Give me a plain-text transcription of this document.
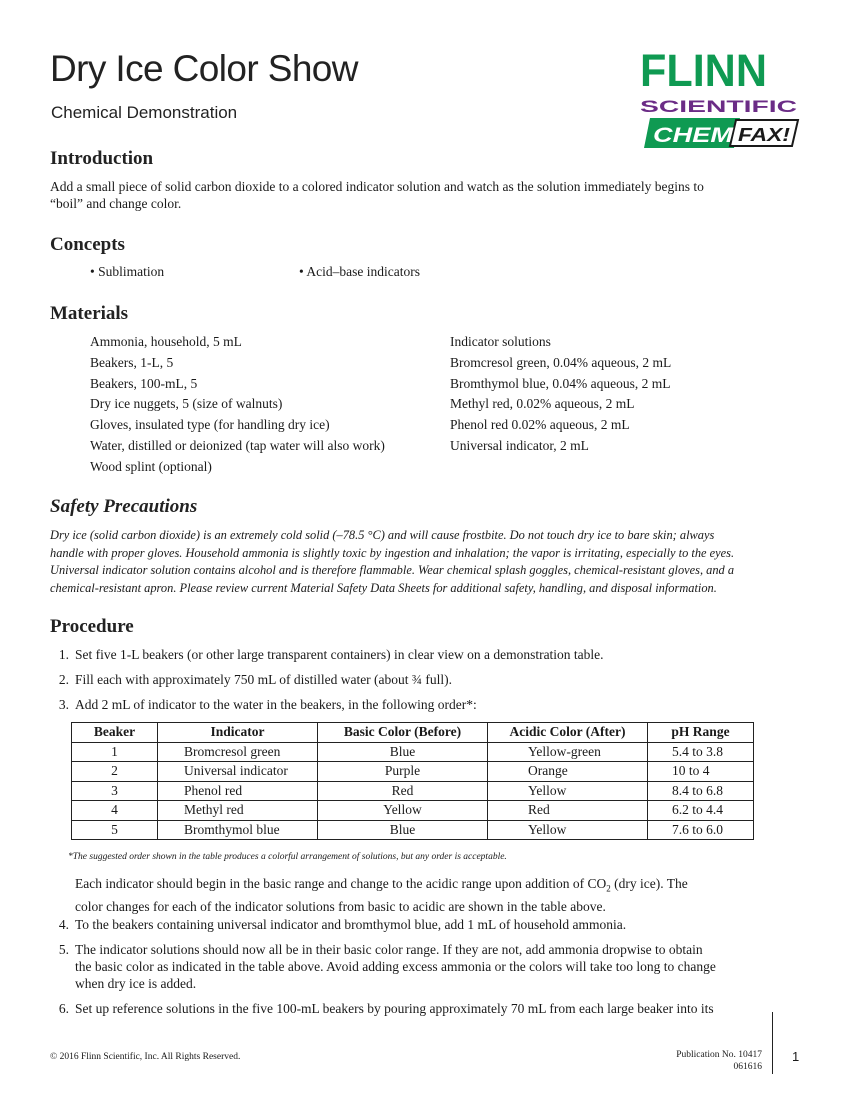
Dry Ice Color Show
Chemical Demonstration
FLINN
SCIENTIFIC
CHEM FAX!
Introduction
Add a small piece of solid carbon dioxide to a colored indicator solution and watch as the solution immediately begins to
“boil” and change color.
Concepts
• Sublimation	• Acid–base indicators
Materials
Ammonia, household, 5 mL
Beakers, 1-L, 5
Beakers, 100-mL, 5
Dry ice nuggets, 5 (size of walnuts)
Gloves, insulated type (for handling dry ice)
Water, distilled or deionized (tap water will also work)
Wood splint (optional)
Indicator solutions
Bromcresol green, 0.04% aqueous, 2 mL
Bromthymol blue, 0.04% aqueous, 2 mL
Methyl red, 0.02% aqueous, 2 mL
Phenol red 0.02% aqueous, 2 mL
Universal indicator, 2 mL
Safety Precautions
Dry ice (solid carbon dioxide) is an extremely cold solid (–78.5 °C) and will cause frostbite. Do not touch dry ice to bare skin; always
handle with proper gloves. Household ammonia is slightly toxic by ingestion and inhalation; the vapor is irritating, especially to the eyes.
Universal indicator solution contains alcohol and is therefore flammable. Wear chemical splash goggles, chemical-resistant gloves, and a
chemical-resistant apron. Please review current Material Safety Data Sheets for additional safety, handling, and disposal information.
Procedure
1. Set five 1-L beakers (or other large transparent containers) in clear view on a demonstration table.
2. Fill each with approximately 750 mL of distilled water (about ¾ full).
3. Add 2 mL of indicator to the water in the beakers, in the following order*:
Beaker	Indicator	Basic Color (Before)	Acidic Color (After)	pH Range
1	Bromcresol green	Blue	Yellow-green	5.4 to 3.8
2	Universal indicator	Purple	Orange	10 to 4
3	Phenol red	Red	Yellow	8.4 to 6.8
4	Methyl red	Yellow	Red	6.2 to 4.4
5	Bromthymol blue	Blue	Yellow	7.6 to 6.0
*The suggested order shown in the table produces a colorful arrangement of solutions, but any order is acceptable.
Each indicator should begin in the basic range and change to the acidic range upon addition of $CO_2$ (dry ice). The
color changes for each of the indicator solutions from basic to acidic are shown in the table above.
4. To the beakers containing universal indicator and bromthymol blue, add 1 mL of household ammonia.
5. The indicator solutions should now all be in their basic color range. If they are not, add ammonia dropwise to obtain
the basic color as indicated in the table above. Avoid adding excess ammonia or the colors will take too long to change
when dry ice is added.
6. Set up reference solutions in the five 100-mL beakers by pouring approximately 70 mL from each large beaker into its
© 2016 Flinn Scientific, Inc. All Rights Reserved.	Publication No. 10417
061616
1
